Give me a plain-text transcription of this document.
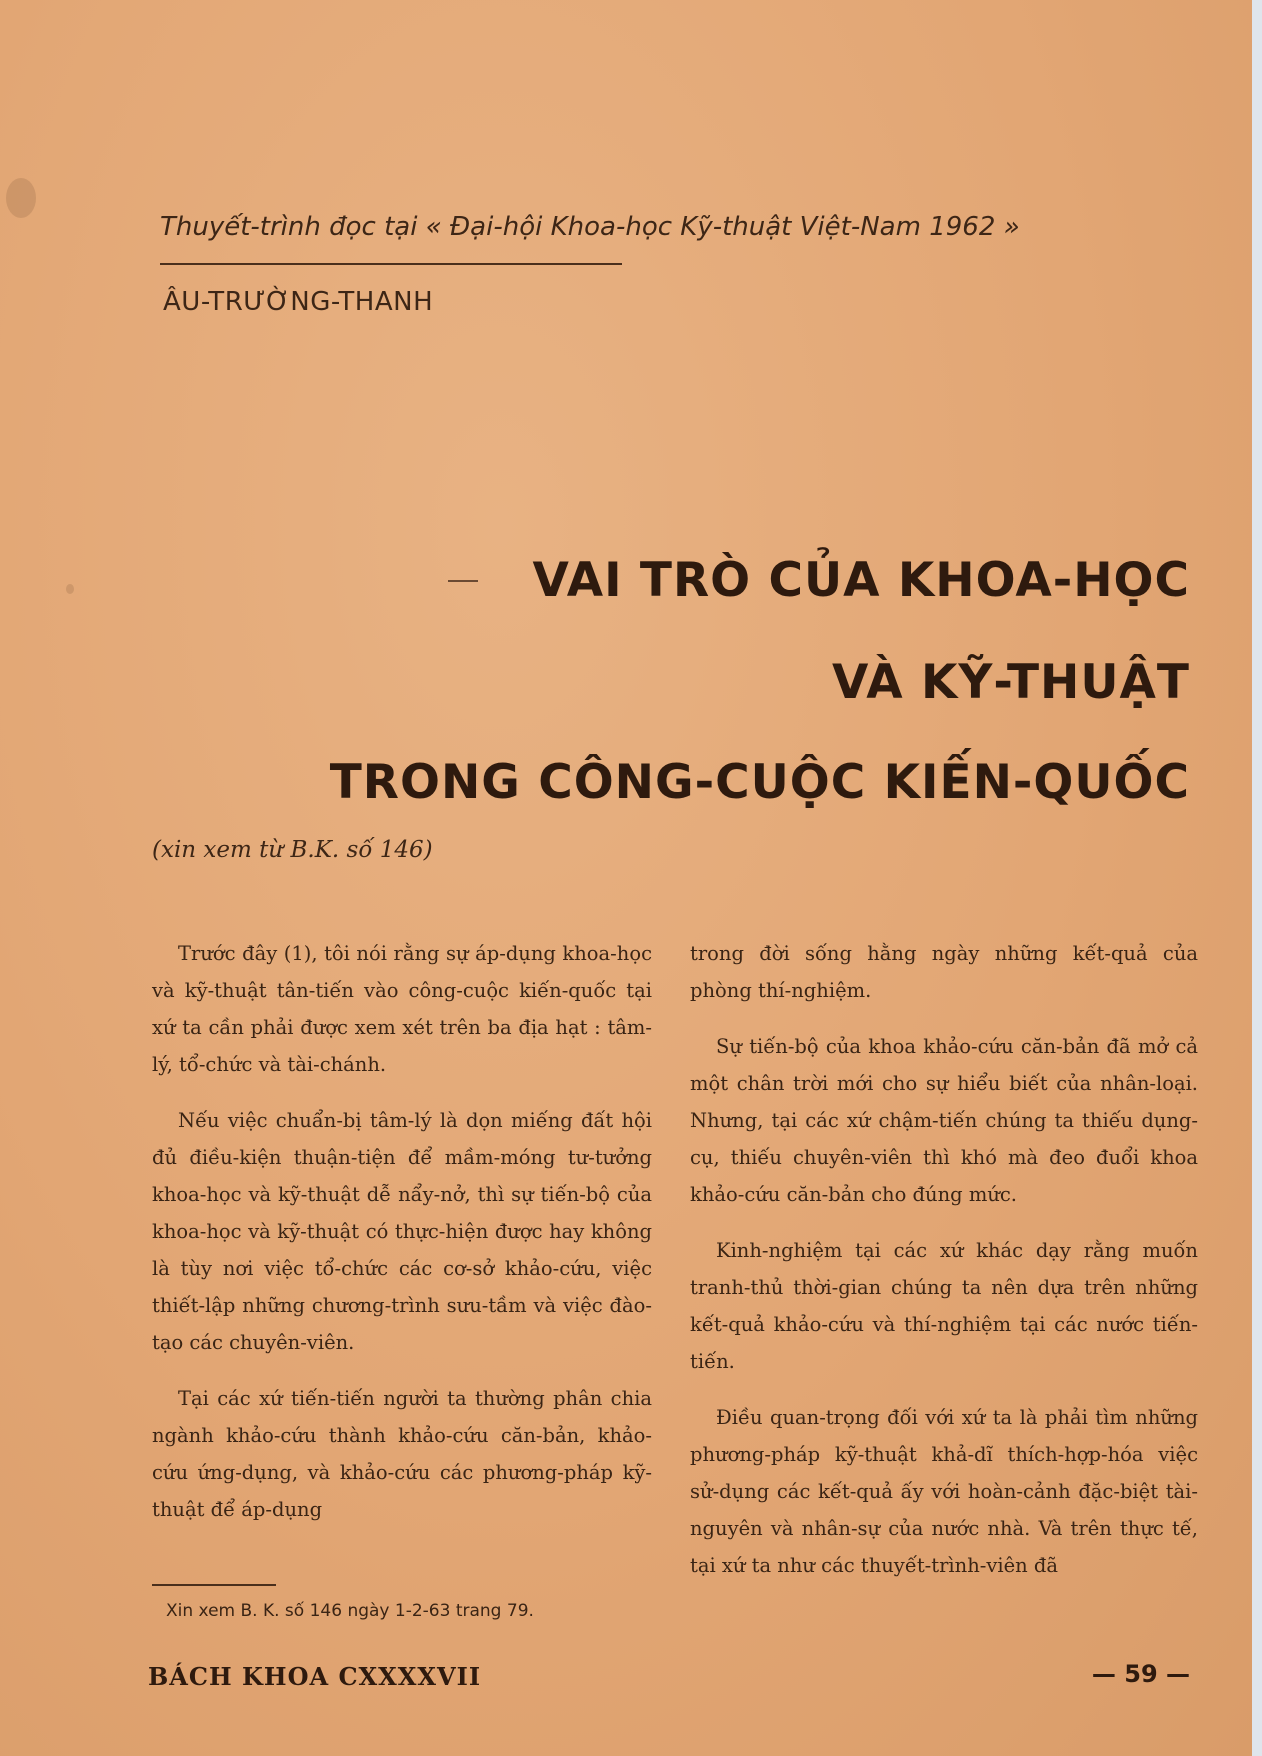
Thuyết-trình đọc tại « Đại-hội Khoa-học Kỹ-thuật Việt-Nam 1962 »
ÂU-TRƯỜNG-THANH
VAI TRÒ CỦA KHOA-HỌC
VÀ KỸ-THUẬT
TRONG CÔNG-CUỘC KIẾN-QUỐC
(xin xem từ B.K. số 146)

Trước đây (1), tôi nói rằng sự áp-dụng khoa-học và kỹ-thuật tân-tiến vào công-cuộc kiến-quốc tại xứ ta cần phải được xem xét trên ba địa hạt : tâm-lý, tổ-chức và tài-chánh.

Nếu việc chuẩn-bị tâm-lý là dọn miếng đất hội đủ điều-kiện thuận-tiện để mầm-móng tư-tưởng khoa-học và kỹ-thuật dễ nẩy-nở, thì sự tiến-bộ của khoa-học và kỹ-thuật có thực-hiện được hay không là tùy nơi việc tổ-chức các cơ-sở khảo-cứu, việc thiết-lập những chương-trình sưu-tầm và việc đào-tạo các chuyên-viên.

Tại các xứ tiến-tiến người ta thường phân chia ngành khảo-cứu thành khảo-cứu căn-bản, khảo-cứu ứng-dụng, và khảo-cứu các phương-pháp kỹ-thuật để áp-dụng

trong đời sống hằng ngày những kết-quả của phòng thí-nghiệm.

Sự tiến-bộ của khoa khảo-cứu căn-bản đã mở cả một chân trời mới cho sự hiểu biết của nhân-loại. Nhưng, tại các xứ chậm-tiến chúng ta thiếu dụng-cụ, thiếu chuyên-viên thì khó mà đeo đuổi khoa khảo-cứu căn-bản cho đúng mức.

Kinh-nghiệm tại các xứ khác dạy rằng muốn tranh-thủ thời-gian chúng ta nên dựa trên những kết-quả khảo-cứu và thí-nghiệm tại các nước tiến-tiến.

Điều quan-trọng đối với xứ ta là phải tìm những phương-pháp kỹ-thuật khả-dĩ thích-hợp-hóa việc sử-dụng các kết-quả ấy với hoàn-cảnh đặc-biệt tài-nguyên và nhân-sự của nước nhà. Và trên thực tế, tại xứ ta như các thuyết-trình-viên đã

Xin xem B. K. số 146 ngày 1-2-63 trang 79.
BÁCH KHOA CXXXXVII	— 59 —
